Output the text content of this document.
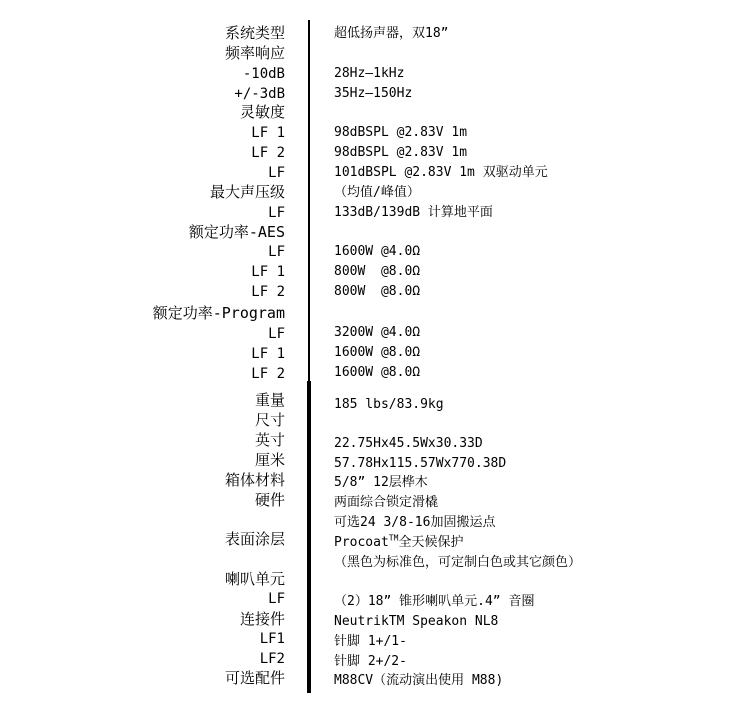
系统类型	超低扬声器，双18”
频率响应
-10dB	28Hz—1kHz
+/-3dB	35Hz—150Hz
灵敏度
LF 1	98dBSPL @2.83V 1m
LF 2	98dBSPL @2.83V 1m
LF	101dBSPL @2.83V 1m 双驱动单元
最大声压级	（均值/峰值）
LF	133dB/139dB 计算地平面
额定功率-AES
LF	1600W @4.0Ω
LF 1	800W  @8.0Ω
LF 2	800W  @8.0Ω
额定功率-Program
LF	3200W @4.0Ω
LF 1	1600W @8.0Ω
LF 2	1600W @8.0Ω
重量	185 lbs/83.9kg
尺寸
英寸	22.75Hx45.5Wx30.33D
厘米	57.78Hx115.57Wx770.38D
箱体材料	5/8” 12层桦木
硬件	两面综合锁定滑橇
可选24 3/8-16加固搬运点
表面涂层	Procoat™全天候保护
（黑色为标准色，可定制白色或其它颜色）
喇叭单元
LF	（2）18” 锥形喇叭单元.4” 音圈
连接件	NeutrikTM Speakon NL8
LF1	针脚 1+/1-
LF2	针脚 2+/2-
可选配件	M88CV（流动演出使用 M88)
